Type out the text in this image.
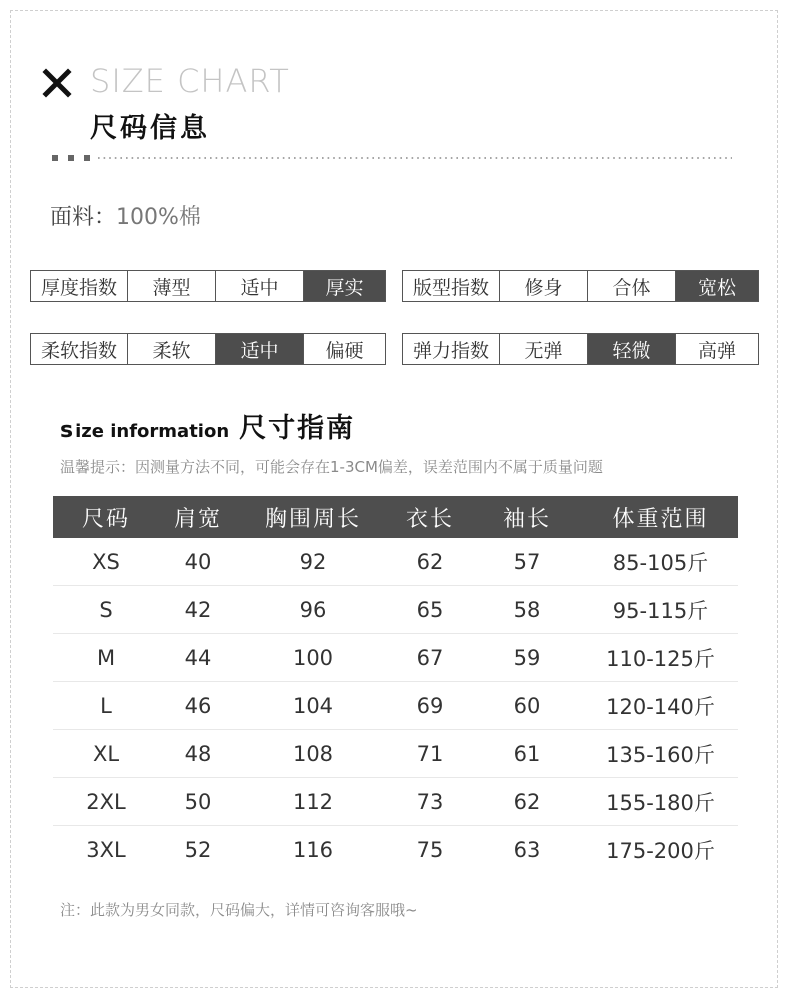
SIZE CHART
尺码信息
面料：100%棉
厚度指数	薄型	适中	厚实	版型指数	修身	合体	宽松
柔软指数	柔软	适中	偏硬	弹力指数	无弹	轻微	高弹
s ize information 尺寸指南
温馨提示：因测量方法不同，可能会存在1-3CM偏差，误差范围内不属于质量问题
尺码	肩宽	胸围周长	衣长	袖长	体重范围
XS	40	92	62	57	85-105斤
S	42	96	65	58	95-115斤
M	44	100	67	59	110-125斤
L	46	104	69	60	120-140斤
XL	48	108	71	61	135-160斤
2XL	50	112	73	62	155-180斤
3XL	52	116	75	63	175-200斤
注：此款为男女同款，尺码偏大，详情可咨询客服哦~
